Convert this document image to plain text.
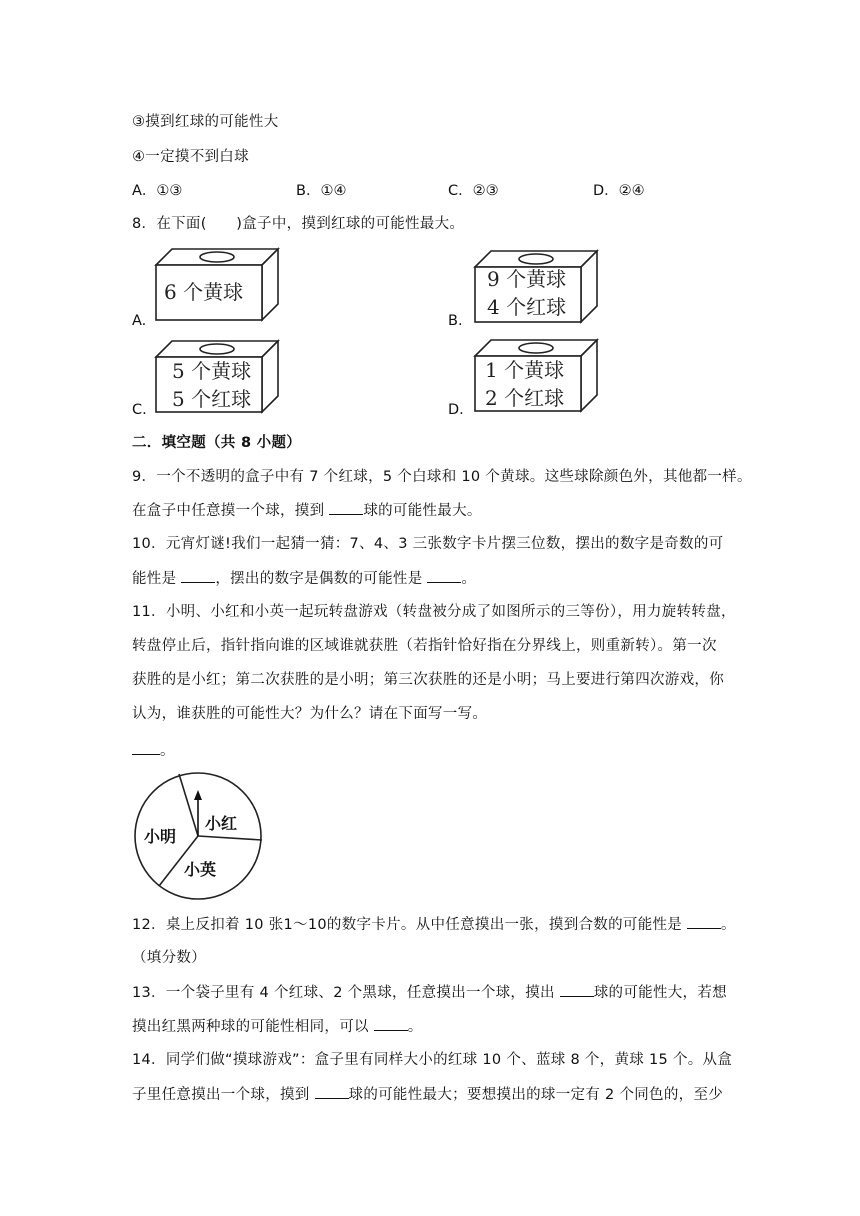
③摸到红球的可能性大
④一定摸不到白球
A．①③	B．①④	C．②③	D．②④
8．在下面(　　)盒子中，摸到红球的可能性最大。
A.
6 个黄球
B.
9 个黄球
4 个红球
C.
5 个黄球
5 个红球	D.
1 个黄球
2 个红球
二．填空题（共 8 小题）
9．一个不透明的盒子中有 7 个红球，5 个白球和 10 个黄球。这些球除颜色外，其他都一样。
在盒子中任意摸一个球，摸到 球的可能性最大。
10．元宵灯谜!我们一起猜一猜：7、4、3 三张数字卡片摆三位数，摆出的数字是奇数的可
能性是 ，摆出的数字是偶数的可能性是 。
11．小明、小红和小英一起玩转盘游戏（转盘被分成了如图所示的三等份），用力旋转转盘，
转盘停止后，指针指向谁的区域谁就获胜（若指针恰好指在分界线上，则重新转）。第一次
获胜的是小红；第二次获胜的是小明；第三次获胜的还是小明；马上要进行第四次游戏，你
认为，谁获胜的可能性大？为什么？请在下面写一写。
。
小明
小红
小英
12．桌上反扣着 10 张1～10的数字卡片。从中任意摸出一张，摸到合数的可能性是 。
（填分数）
13．一个袋子里有 4 个红球、2 个黑球，任意摸出一个球，摸出 球的可能性大，若想
摸出红黑两种球的可能性相同，可以 。
14．同学们做“摸球游戏”：盒子里有同样大小的红球 10 个、蓝球 8 个，黄球 15 个。从盒
子里任意摸出一个球，摸到 球的可能性最大；要想摸出的球一定有 2 个同色的，至少
